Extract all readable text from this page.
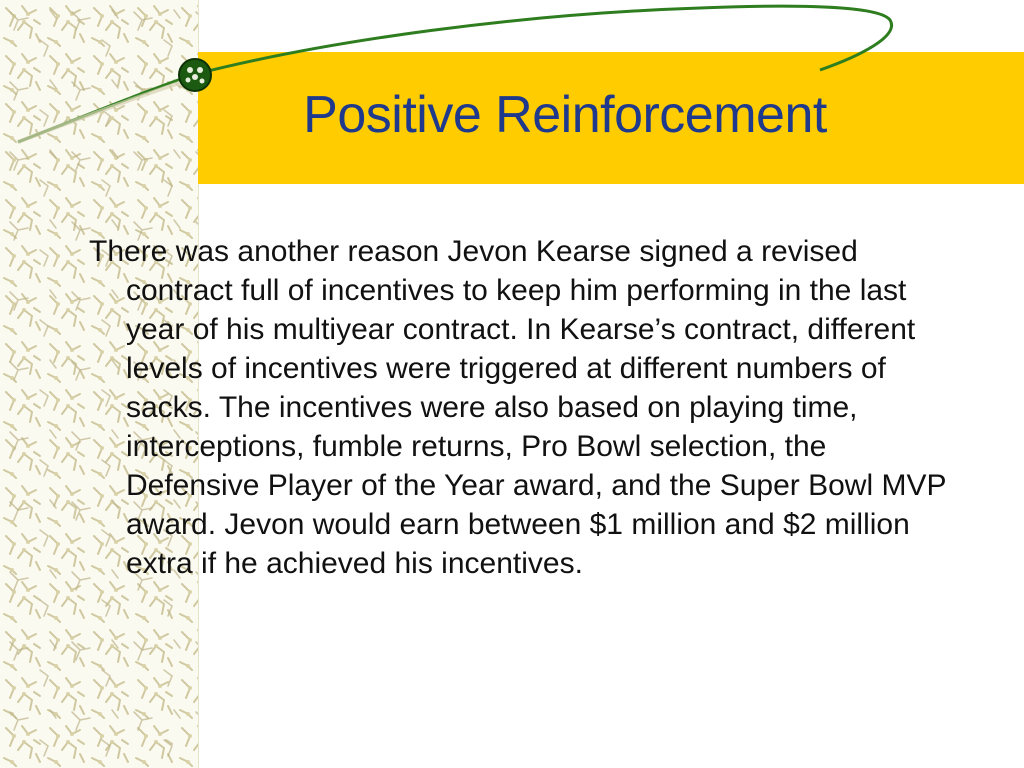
Positive Reinforcement

There was another reason Jevon Kearse signed a revised contract full of incentives to keep him performing in the last year of his multiyear contract. In Kearse’s contract, different levels of incentives were triggered at different numbers of sacks. The incentives were also based on playing time, interceptions, fumble returns, Pro Bowl selection, the Defensive Player of the Year award, and the Super Bowl MVP award. Jevon would earn between $1 million and $2 million extra if he achieved his incentives.
